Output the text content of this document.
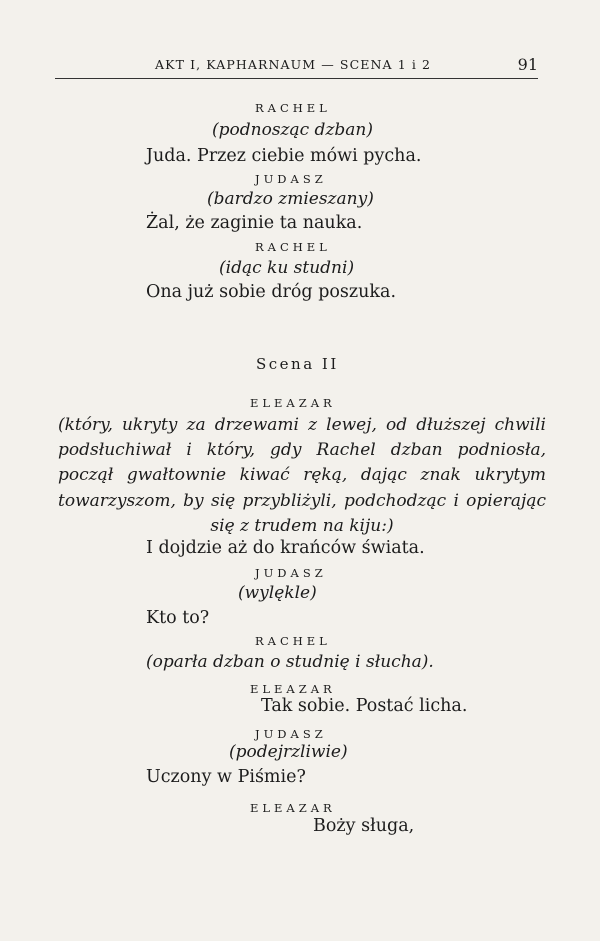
AKT I, KAPHARNAUM — SCENA 1 i 2	91
RACHEL
(podnosząc dzban)
Juda. Przez ciebie mówi pycha.
JUDASZ
(bardzo zmieszany)
Żal, że zaginie ta nauka.
RACHEL
(idąc ku studni)
Ona już sobie dróg poszuka.
Scena II
ELEAZAR
(który, ukryty za drzewami z lewej, od dłuższej chwili podsłuchiwał i który, gdy Rachel dzban podniosła, począł gwałtownie kiwać ręką, dając znak ukrytym towarzyszom, by się przybliżyli, podchodząc i opierając się z trudem na kiju:)
I dojdzie aż do krańców świata.
JUDASZ
(wylękle)
Kto to?
RACHEL
(oparła dzban o studnię i słucha).
ELEAZAR
Tak sobie. Postać licha.
JUDASZ
(podejrzliwie)
Uczony w Piśmie?
ELEAZAR
Boży sługa,
